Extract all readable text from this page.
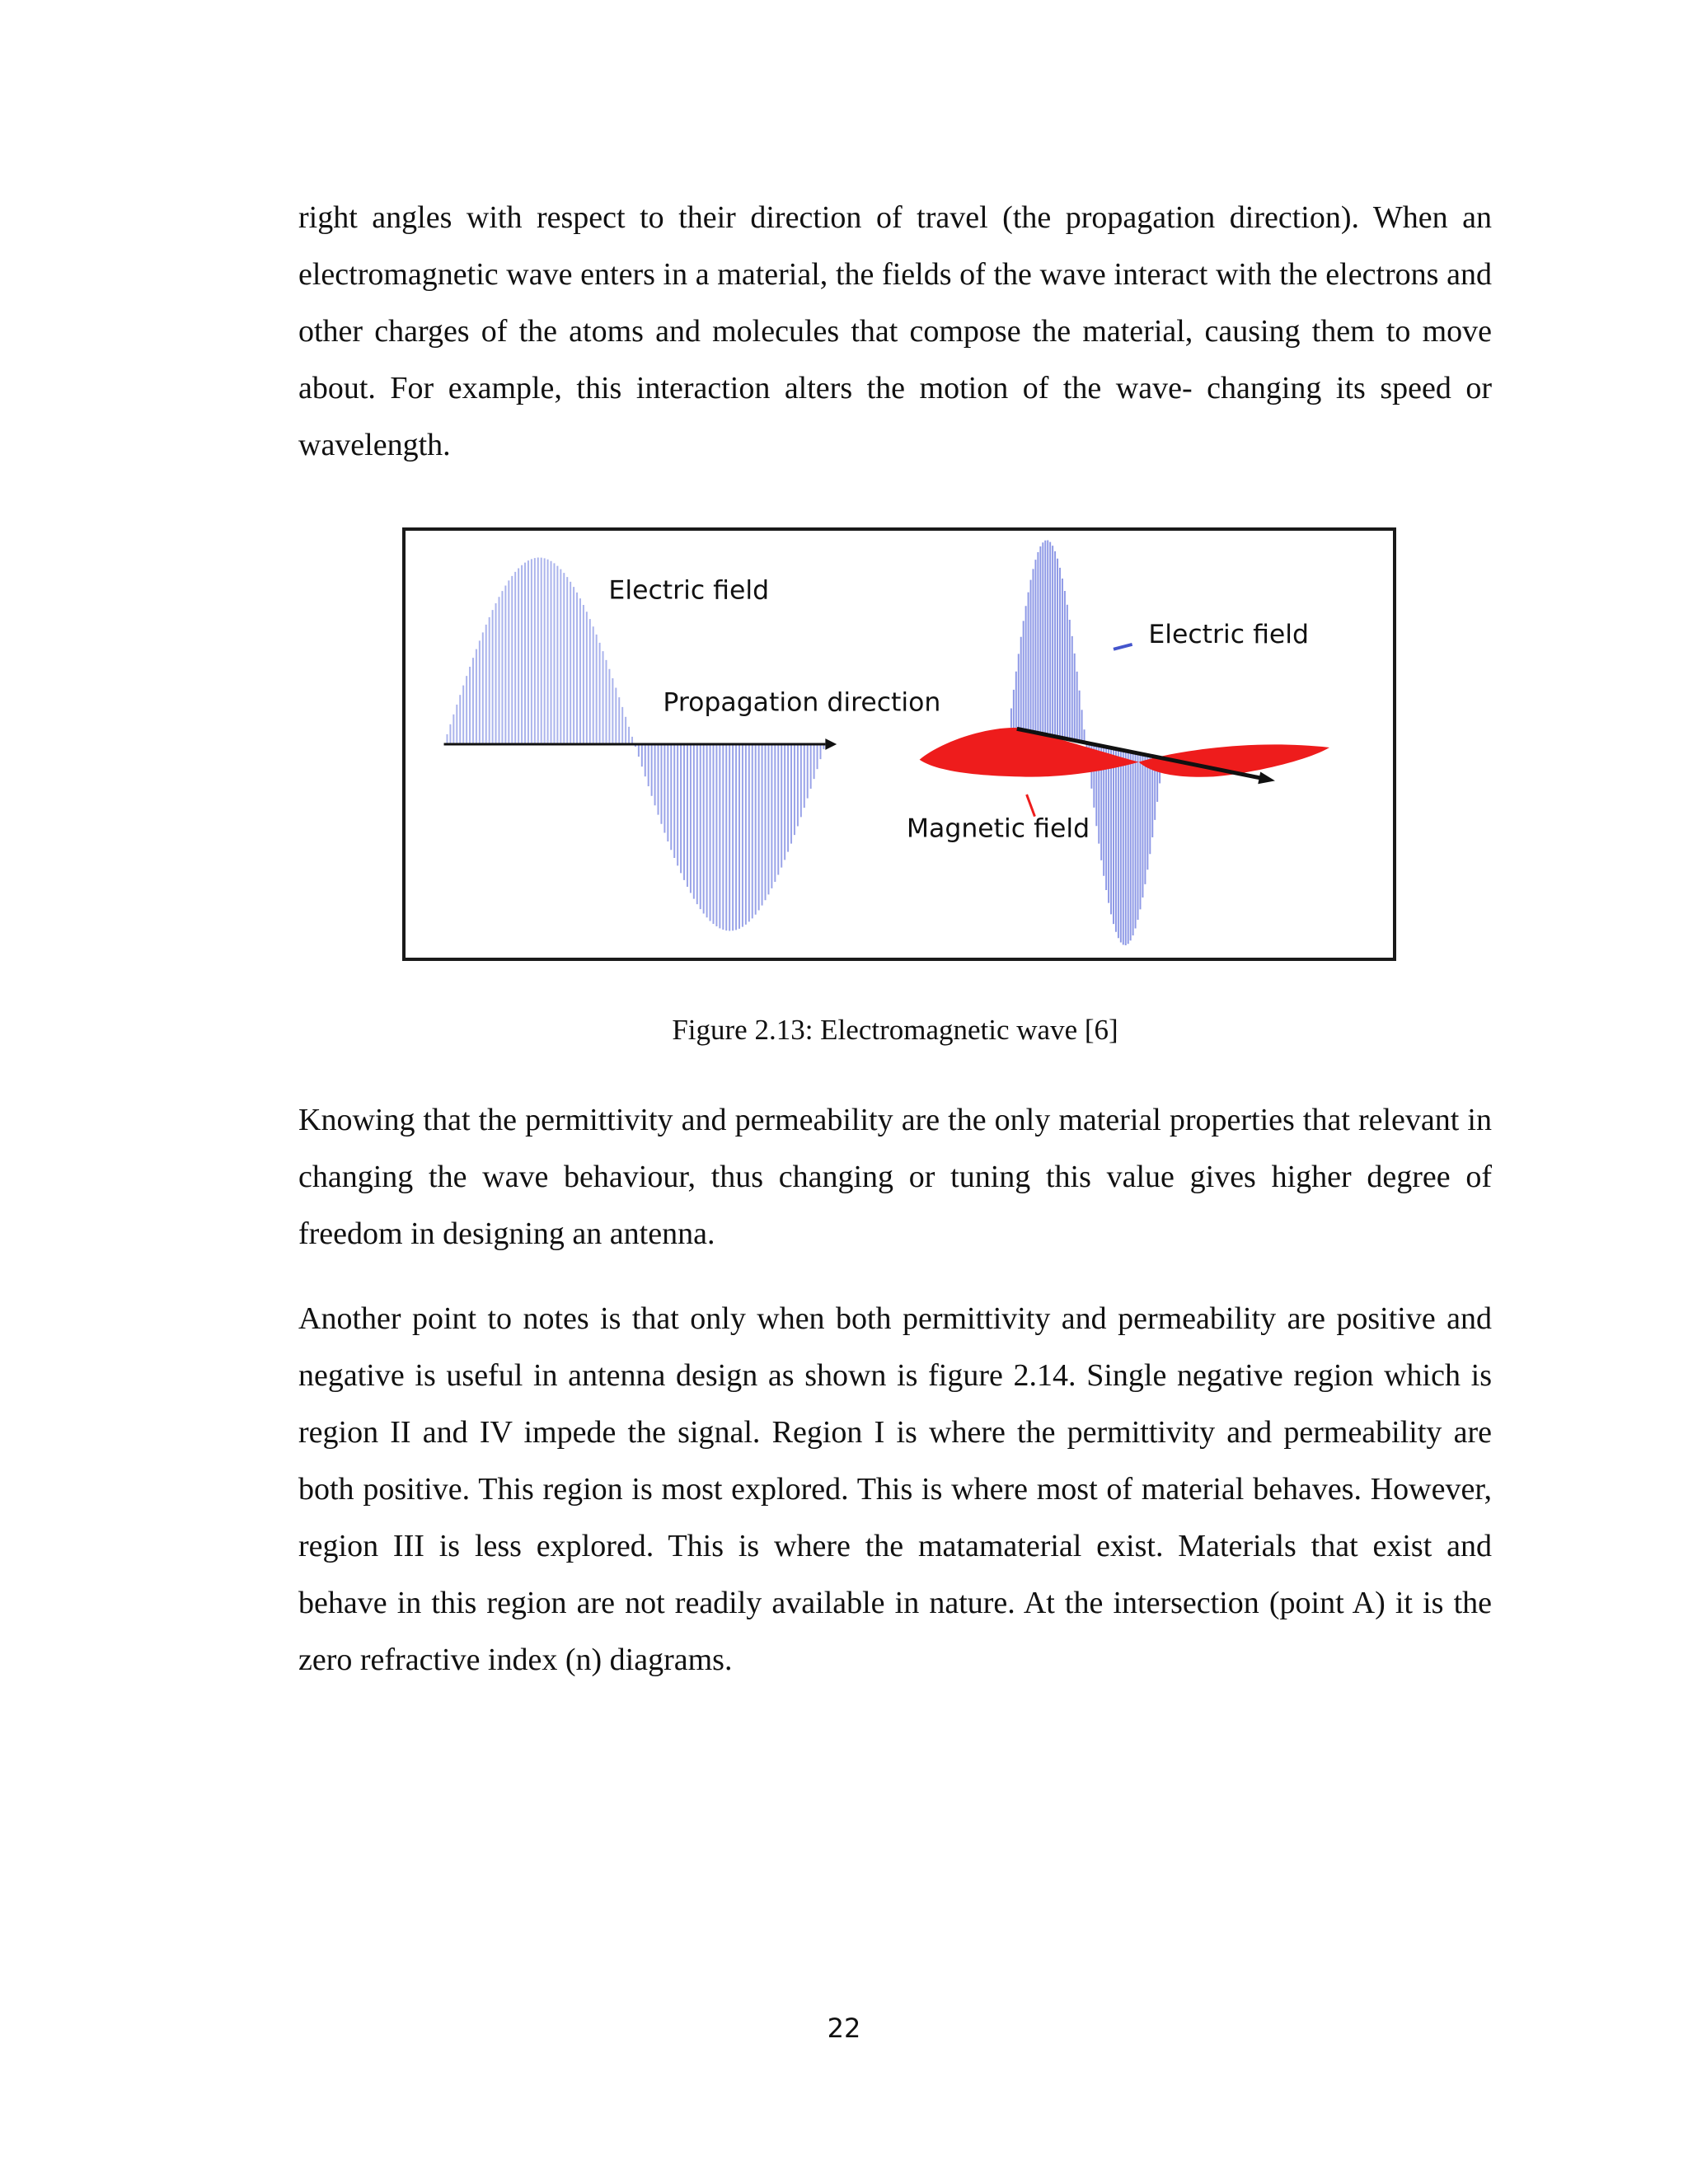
right angles with respect to their direction of travel (the propagation direction). When an electromagnetic wave enters in a material, the fields of the wave interact with the electrons and other charges of the atoms and molecules that compose the material, causing them to move about. For example, this interaction alters the motion of the wave- changing its speed or wavelength.

Electric field
Propagation direction
Electric field
Magnetic field

Figure 2.13: Electromagnetic wave [6]

Knowing that the permittivity and permeability are the only material properties that relevant in changing the wave behaviour, thus changing or tuning this value gives higher degree of freedom in designing an antenna.

Another point to notes is that only when both permittivity and permeability are positive and negative is useful in antenna design as shown is figure 2.14. Single negative region which is region II and IV impede the signal. Region I is where the permittivity and permeability are both positive. This region is most explored. This is where most of material behaves. However, region III is less explored. This is where the matamaterial exist. Materials that exist and behave in this region are not readily available in nature. At the intersection (point A) it is the zero refractive index (n) diagrams.

22
